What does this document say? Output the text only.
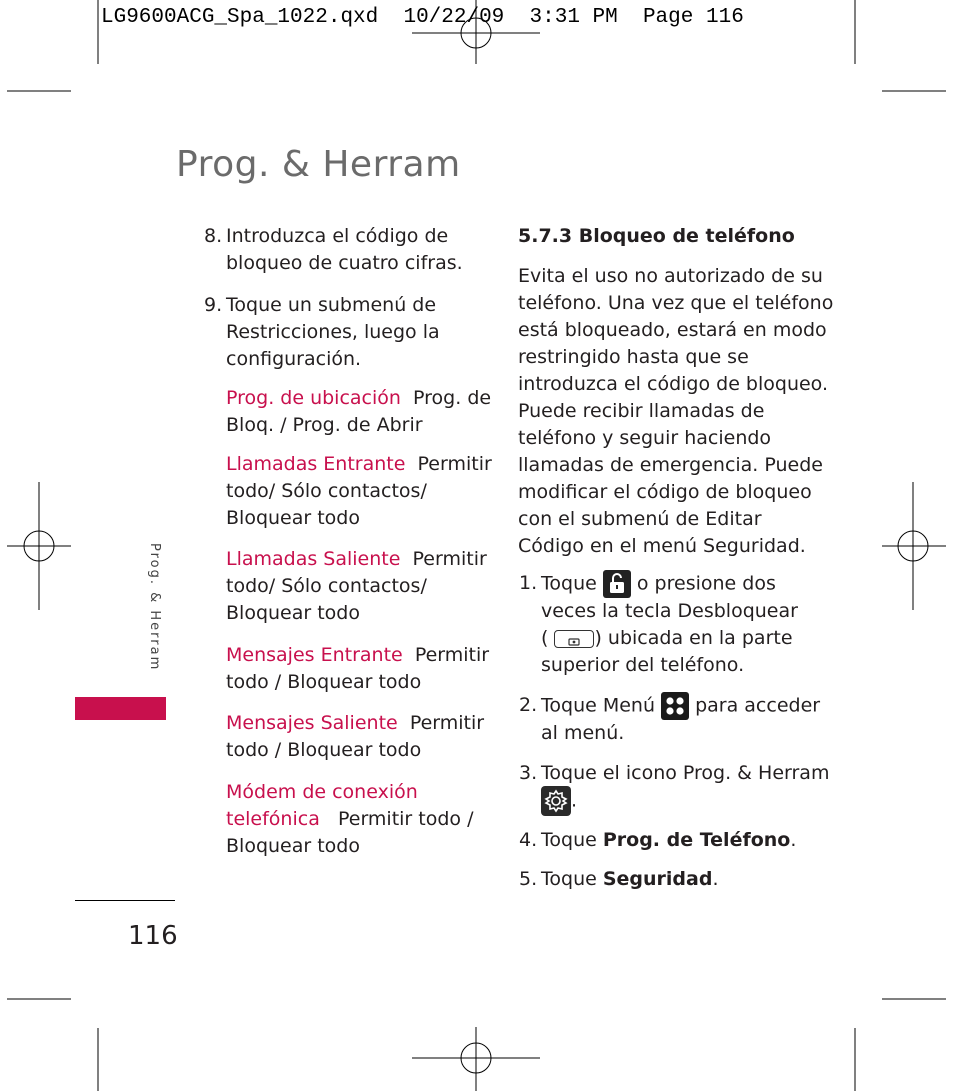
LG9600ACG_Spa_1022.qxd 10/22/09 3:31 PM Page 116
Prog. & Herram
Prog. & Herram
116
8. Introduzca el código de
bloqueo de cuatro cifras.
9. Toque un submenú de
Restricciones, luego la
configuración.
Prog. de ubicación Prog. de
Bloq. / Prog. de Abrir
Llamadas Entrante Permitir
todo/ Sólo contactos/
Bloquear todo
Llamadas Saliente Permitir
todo/ Sólo contactos/
Bloquear todo
Mensajes Entrante Permitir
todo / Bloquear todo
Mensajes Saliente Permitir
todo / Bloquear todo
Módem de conexión
telefónica Permitir todo /
Bloquear todo
5.7.3 Bloqueo de teléfono
Evita el uso no autorizado de su
teléfono. Una vez que el teléfono
está bloqueado, estará en modo
restringido hasta que se
introduzca el código de bloqueo.
Puede recibir llamadas de
teléfono y seguir haciendo
llamadas de emergencia. Puede
modificar el código de bloqueo
con el submenú de Editar
Código en el menú Seguridad.
1. Toque o presione dos
veces la tecla Desbloquear
( ) ubicada en la parte
superior del teléfono.
2. Toque Menú para acceder
al menú.
3. Toque el icono Prog. & Herram
.
4. Toque Prog. de Teléfono.
5. Toque Seguridad.
